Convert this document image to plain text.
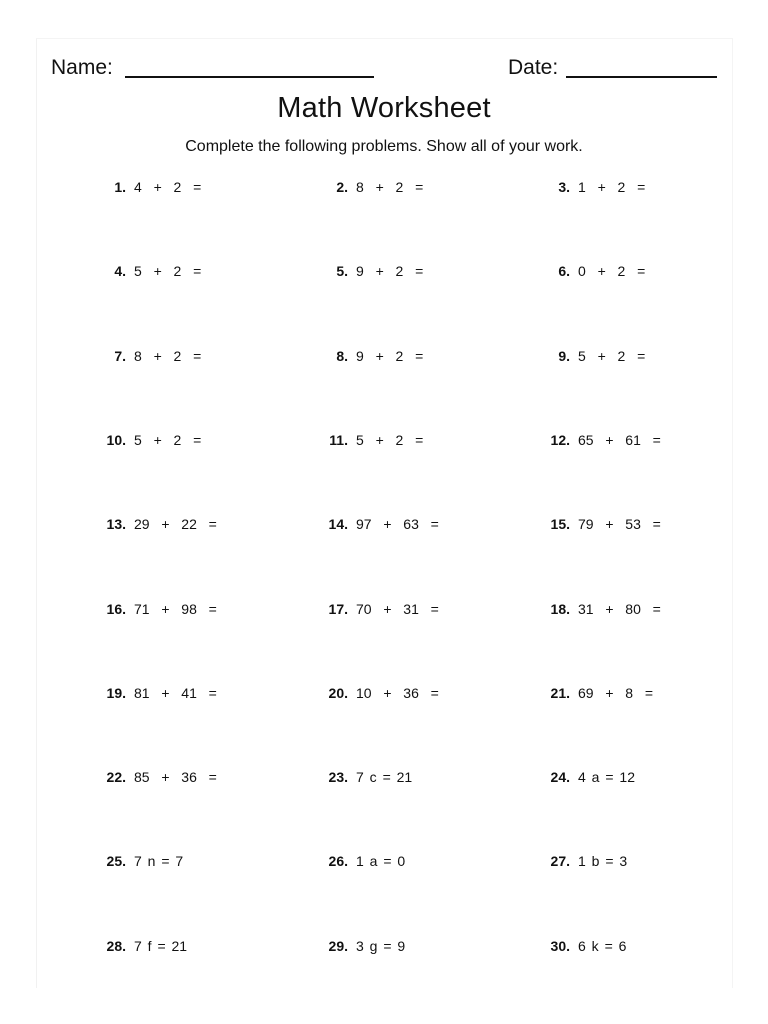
Name:	Date:
Math Worksheet
Complete the following problems. Show all of your work.
1. 4  +  2  =	2. 8  +  2  =	3. 1  +  2  =
4. 5  +  2  =	5. 9  +  2  =	6. 0  +  2  =
7. 8  +  2  =	8. 9  +  2  =	9. 5  +  2  =
10. 5  +  2  =	11. 5  +  2  =	12. 65  +  61  =
13. 29  +  22  =	14. 97  +  63  =	15. 79  +  53  =
16. 71  +  98  =	17. 70  +  31  =	18. 31  +  80  =
19. 81  +  41  =	20. 10  +  36  =	21. 69  +  8  =
22. 85  +  36  =	23. 7 c = 21	24. 4 a = 12
25. 7 n = 7	26. 1 a = 0	27. 1 b = 3
28. 7 f = 21	29. 3 g = 9	30. 6 k = 6
